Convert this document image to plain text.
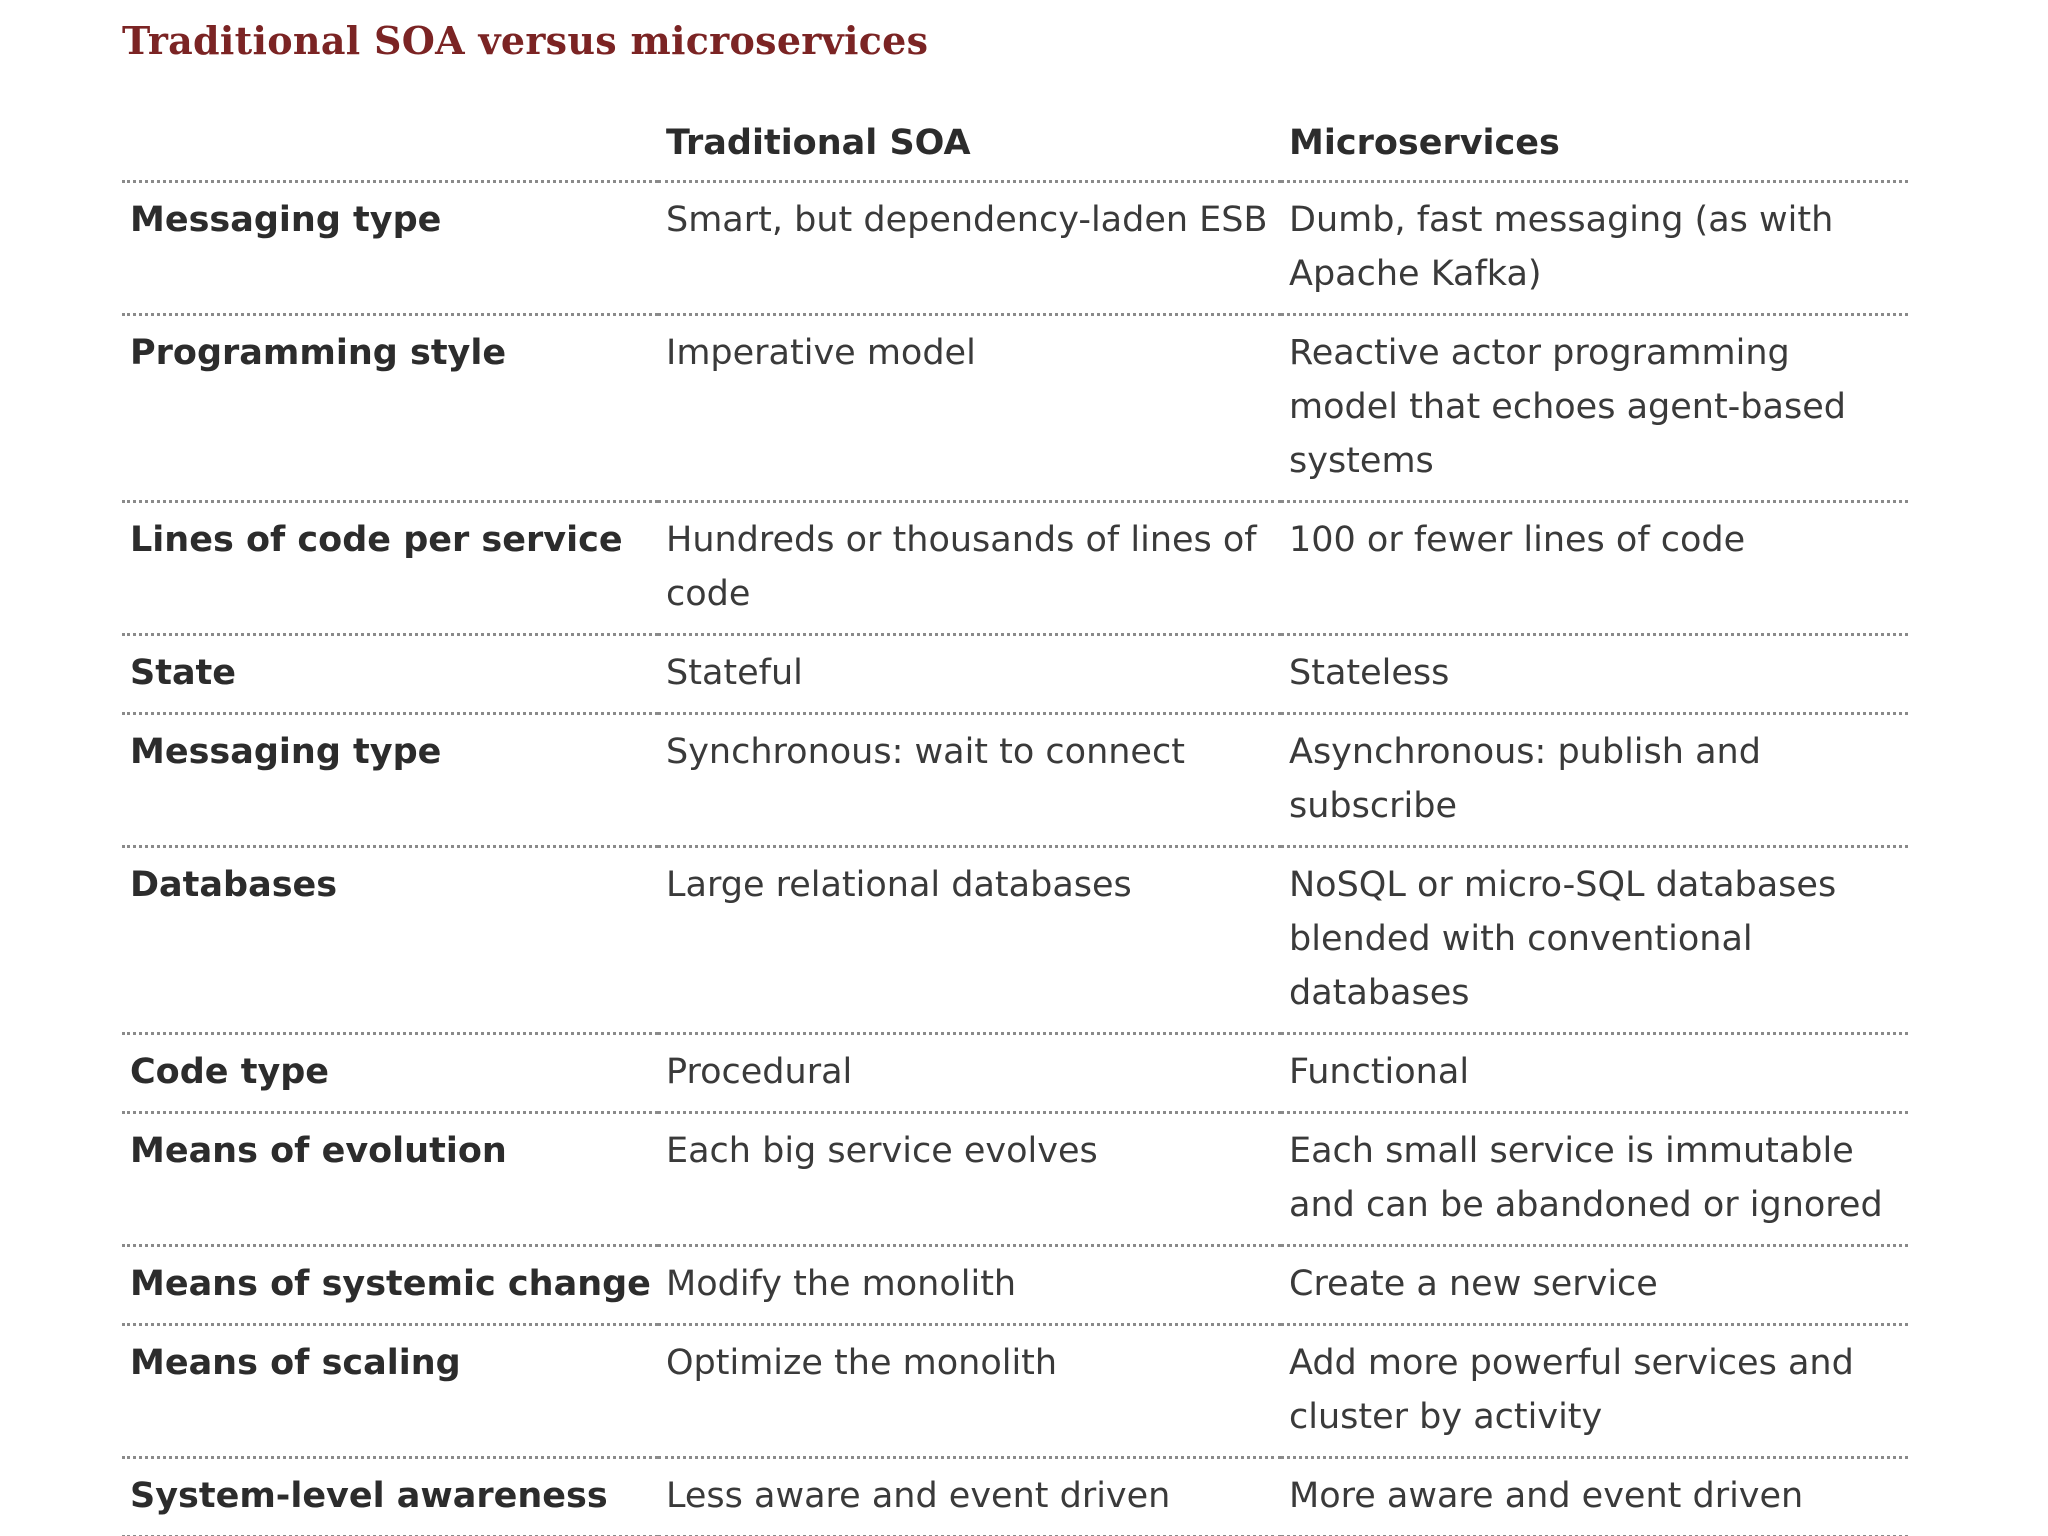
Traditional SOA versus microservices
	Traditional SOA	Microservices
Messaging type	Smart, but dependency-laden ESB	Dumb, fast messaging (as with Apache Kafka)
Programming style	Imperative model	Reactive actor programming model that echoes agent-based systems
Lines of code per service	Hundreds or thousands of lines of code	100 or fewer lines of code
State	Stateful	Stateless
Messaging type	Synchronous: wait to connect	Asynchronous: publish and subscribe
Databases	Large relational databases	NoSQL or micro-SQL databases blended with conventional databases
Code type	Procedural	Functional
Means of evolution	Each big service evolves	Each small service is immutable and can be abandoned or ignored
Means of systemic change	Modify the monolith	Create a new service
Means of scaling	Optimize the monolith	Add more powerful services and cluster by activity
System-level awareness	Less aware and event driven	More aware and event driven
